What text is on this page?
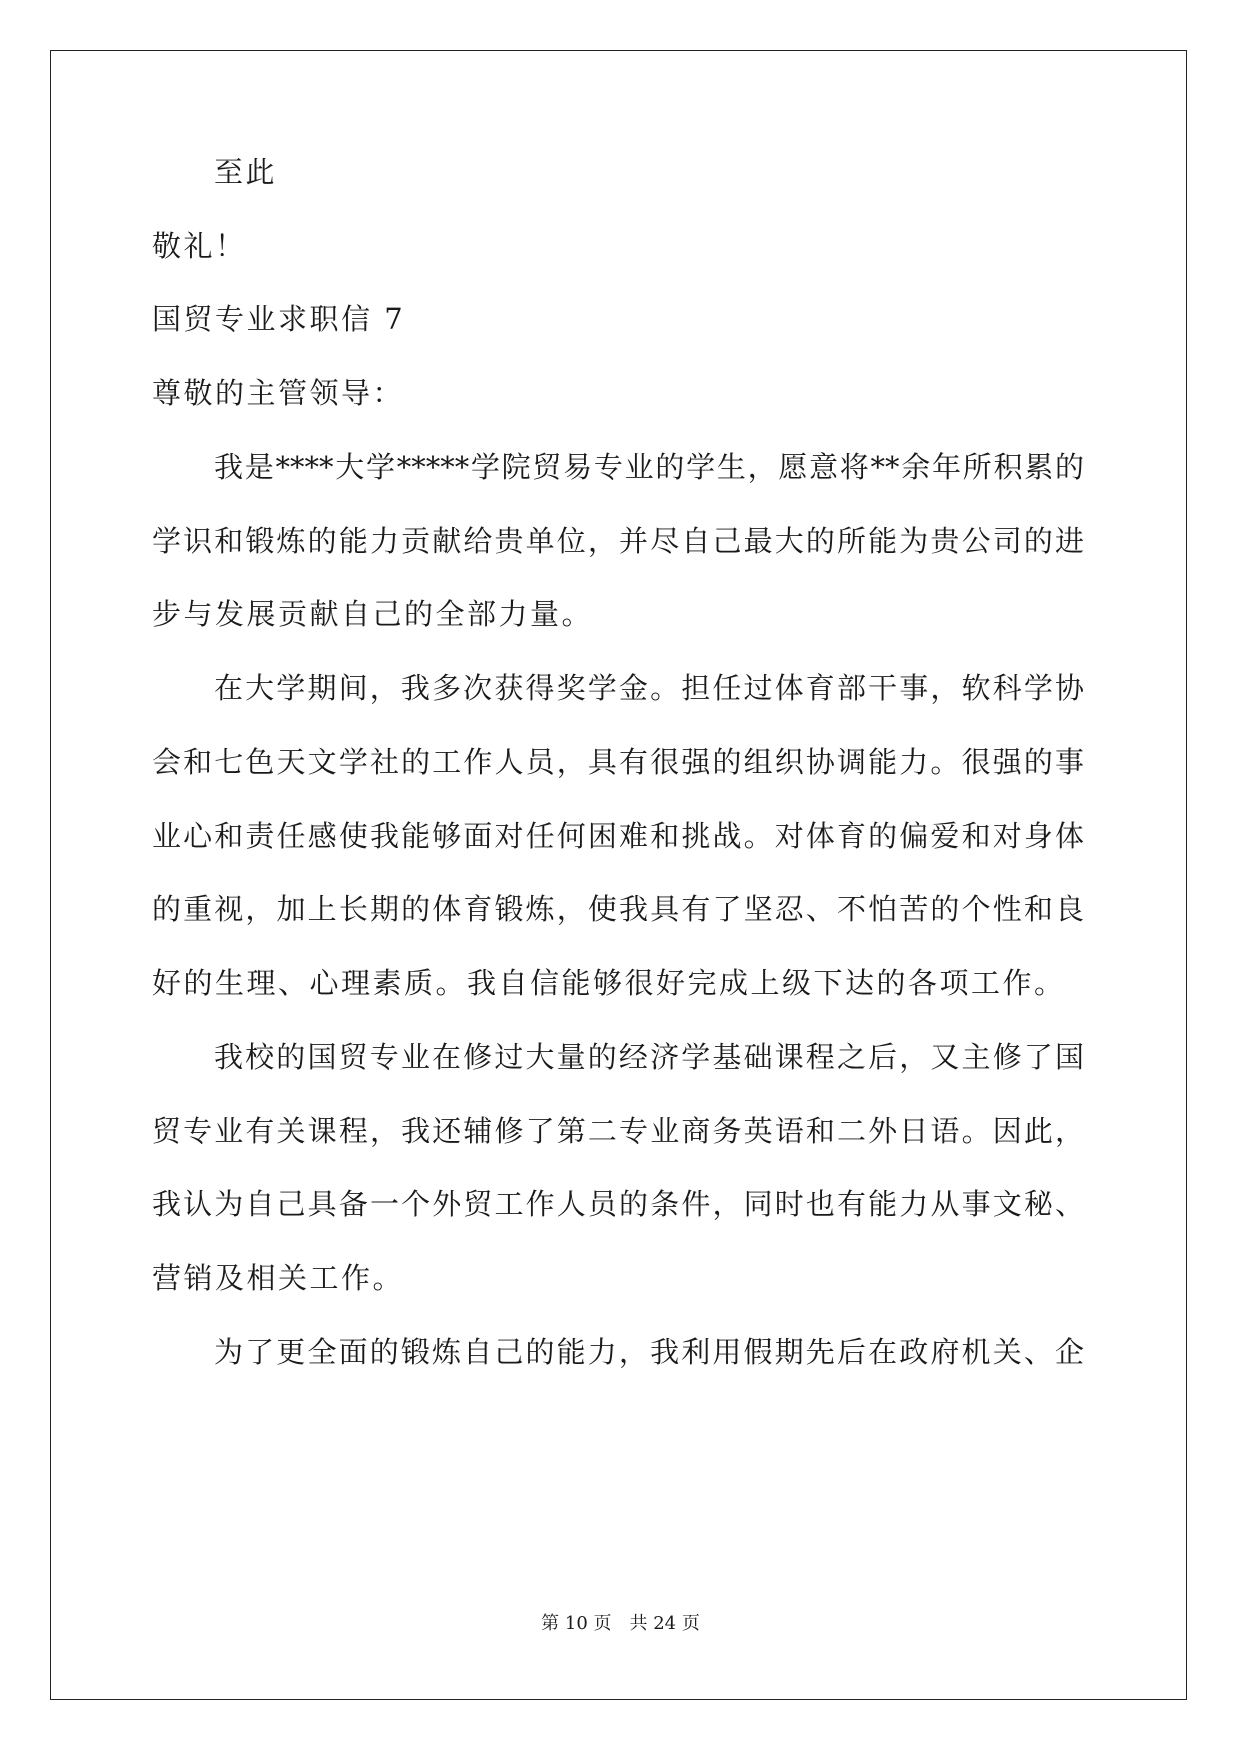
至此
敬礼！
国贸专业求职信 7
尊敬的主管领导：
我是****大学*****学院贸易专业的学生，愿意将**余年所积累的
学识和锻炼的能力贡献给贵单位，并尽自己最大的所能为贵公司的进
步与发展贡献自己的全部力量。
在大学期间，我多次获得奖学金。担任过体育部干事，软科学协
会和七色天文学社的工作人员，具有很强的组织协调能力。很强的事
业心和责任感使我能够面对任何困难和挑战。对体育的偏爱和对身体
的重视，加上长期的体育锻炼，使我具有了坚忍、不怕苦的个性和良
好的生理、心理素质。我自信能够很好完成上级下达的各项工作。
我校的国贸专业在修过大量的经济学基础课程之后，又主修了国
贸专业有关课程，我还辅修了第二专业商务英语和二外日语。因此，
我认为自己具备一个外贸工作人员的条件，同时也有能力从事文秘、
营销及相关工作。
为了更全面的锻炼自己的能力，我利用假期先后在政府机关、企
第 10 页　共 24 页
